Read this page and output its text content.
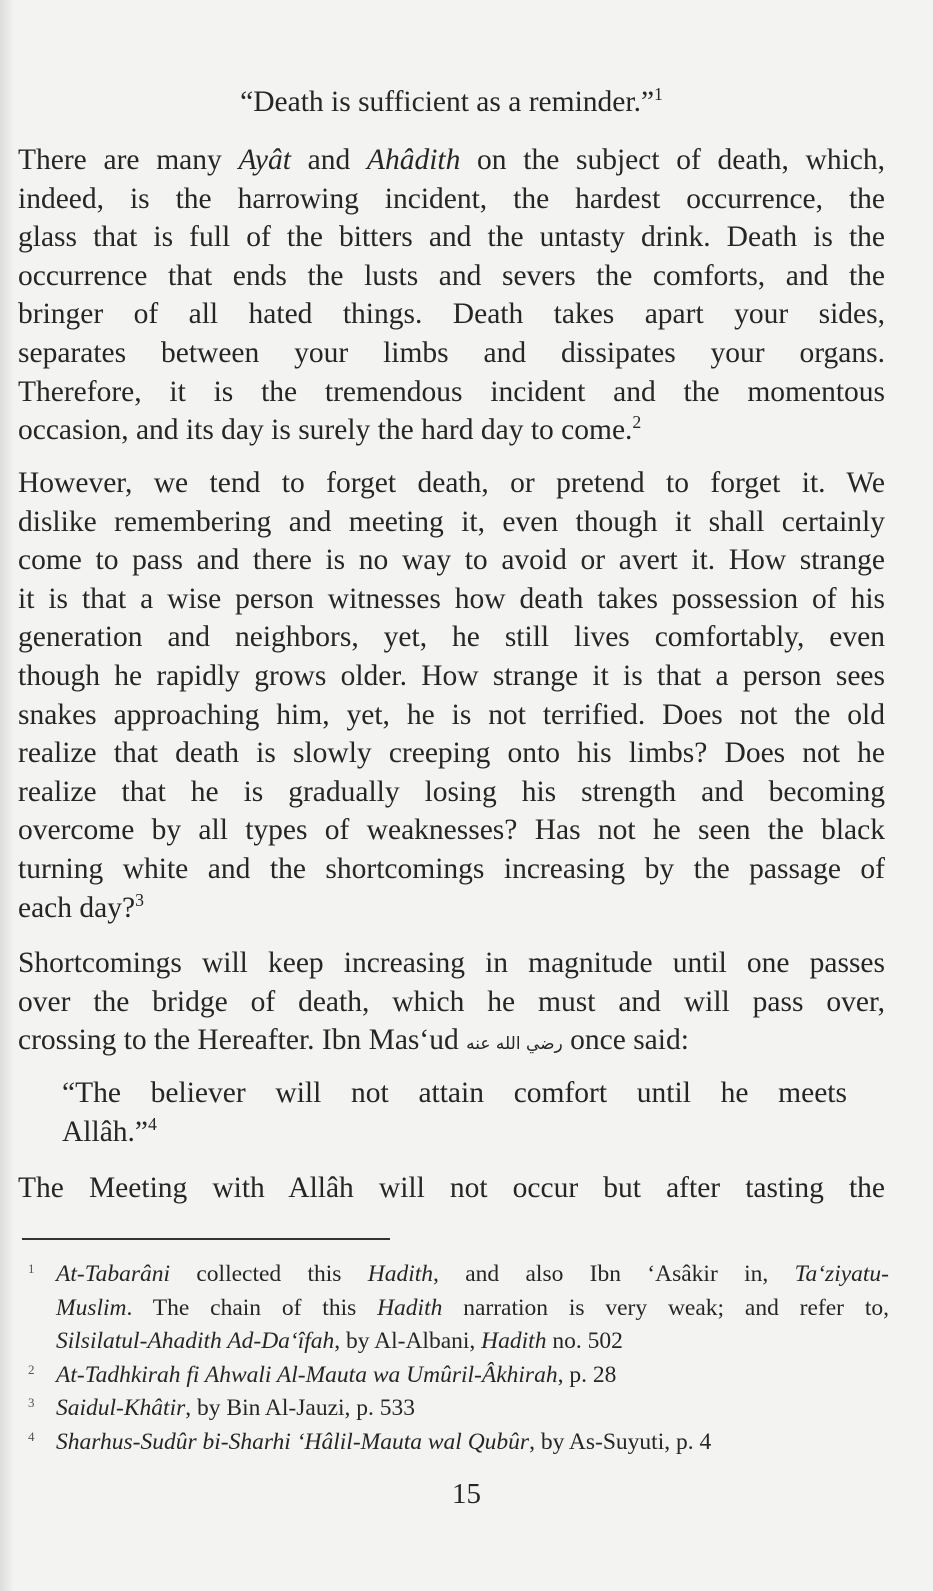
“Death is sufficient as a reminder.”$^1$
There are many Ayât and Ahâdith on the subject of death, which,
indeed, is the harrowing incident, the hardest occurrence, the
glass that is full of the bitters and the untasty drink. Death is the
occurrence that ends the lusts and severs the comforts, and the
bringer of all hated things. Death takes apart your sides,
separates between your limbs and dissipates your organs.
Therefore, it is the tremendous incident and the momentous
occasion, and its day is surely the hard day to come.$^2$
However, we tend to forget death, or pretend to forget it. We
dislike remembering and meeting it, even though it shall certainly
come to pass and there is no way to avoid or avert it. How strange
it is that a wise person witnesses how death takes possession of his
generation and neighbors, yet, he still lives comfortably, even
though he rapidly grows older. How strange it is that a person sees
snakes approaching him, yet, he is not terrified. Does not the old
realize that death is slowly creeping onto his limbs? Does not he
realize that he is gradually losing his strength and becoming
overcome by all types of weaknesses? Has not he seen the black
turning white and the shortcomings increasing by the passage of
each day?$^3$
Shortcomings will keep increasing in magnitude until one passes
over the bridge of death, which he must and will pass over,
crossing to the Hereafter. Ibn Mas‘ud رضي الله عنه once said:
“The believer will not attain comfort until he meets
Allâh.”$^4$
The Meeting with Allâh will not occur but after tasting the
1 At-Tabarâni collected this Hadith, and also Ibn ‘Asâkir in, Ta‘ziyatu-
Muslim. The chain of this Hadith narration is very weak; and refer to,
Silsilatul-Ahadith Ad-Da‘îfah, by Al-Albani, Hadith no. 502
2 At-Tadhkirah fi Ahwali Al-Mauta wa Umûril-Âkhirah, p. 28
3 Saidul-Khâtir, by Bin Al-Jauzi, p. 533
4 Sharhus-Sudûr bi-Sharhi ‘Hâlil-Mauta wal Qubûr, by As-Suyuti, p. 4
15
